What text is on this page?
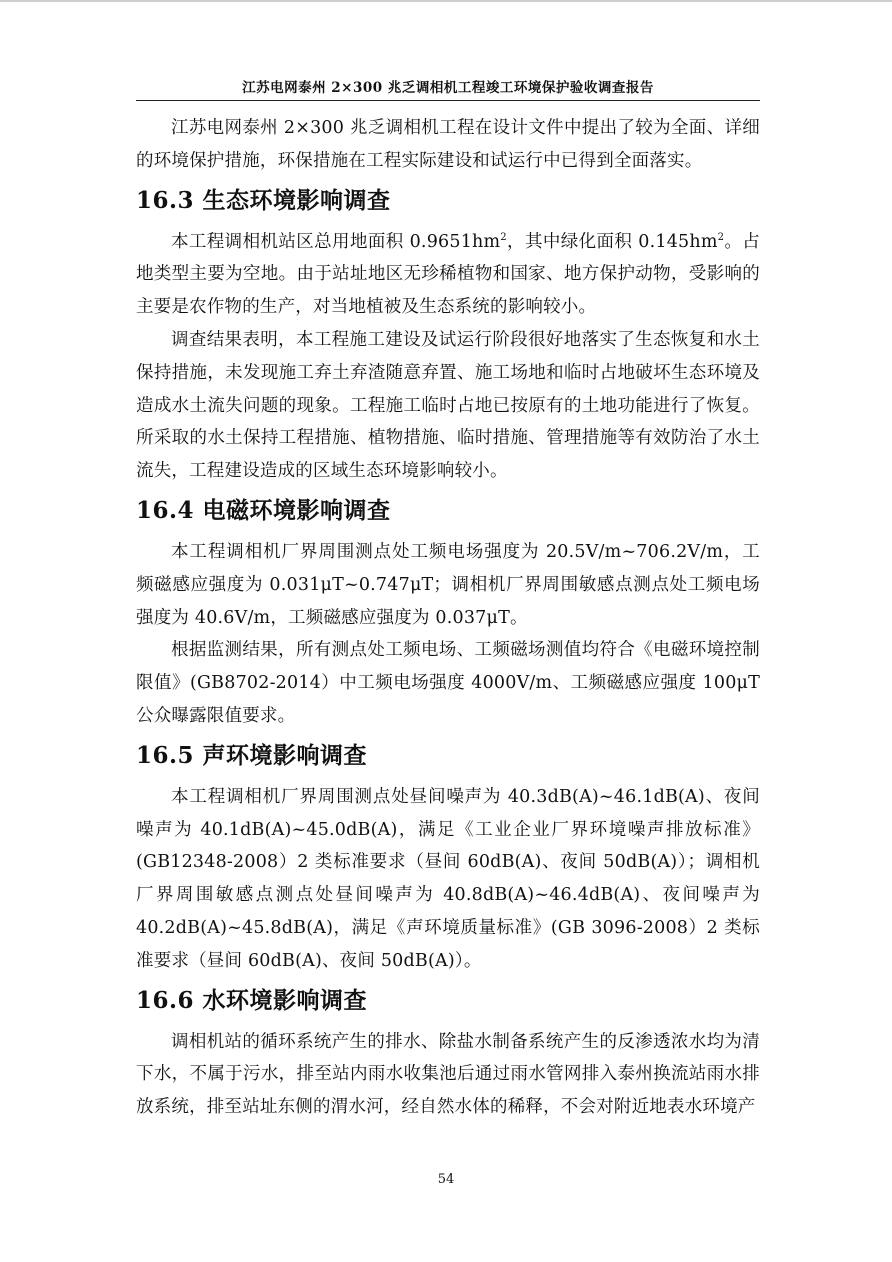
江苏电网泰州 2×300 兆乏调相机工程竣工环境保护验收调查报告

江苏电网泰州 2×300 兆乏调相机工程在设计文件中提出了较为全面、详细的环境保护措施，环保措施在工程实际建设和试运行中已得到全面落实。

16.3 生态环境影响调查

本工程调相机站区总用地面积 $0.9651hm^2$，其中绿化面积 $0.145hm^2$。占地类型主要为空地。由于站址地区无珍稀植物和国家、地方保护动物，受影响的主要是农作物的生产，对当地植被及生态系统的影响较小。

调查结果表明，本工程施工建设及试运行阶段很好地落实了生态恢复和水土保持措施，未发现施工弃土弃渣随意弃置、施工场地和临时占地破坏生态环境及造成水土流失问题的现象。工程施工临时占地已按原有的土地功能进行了恢复。所采取的水土保持工程措施、植物措施、临时措施、管理措施等有效防治了水土流失，工程建设造成的区域生态环境影响较小。

16.4 电磁环境影响调查

本工程调相机厂界周围测点处工频电场强度为 20.5V/m~706.2V/m，工频磁感应强度为 0.031μT~0.747μT；调相机厂界周围敏感点测点处工频电场强度为 40.6V/m，工频磁感应强度为 0.037μT。

根据监测结果，所有测点处工频电场、工频磁场测值均符合《电磁环境控制限值》(GB8702-2014）中工频电场强度 4000V/m、工频磁感应强度 100μT 公众曝露限值要求。

16.5 声环境影响调查

本工程调相机厂界周围测点处昼间噪声为 40.3dB(A)~46.1dB(A)、夜间噪声为 40.1dB(A)~45.0dB(A)，满足《工业企业厂界环境噪声排放标准》(GB12348-2008）2 类标准要求（昼间 60dB(A)、夜间 50dB(A)）；调相机厂界周围敏感点测点处昼间噪声为 40.8dB(A)~46.4dB(A)、夜间噪声为 40.2dB(A)~45.8dB(A)，满足《声环境质量标准》(GB 3096-2008）2 类标准要求（昼间 60dB(A)、夜间 50dB(A)）。

16.6 水环境影响调查

调相机站的循环系统产生的排水、除盐水制备系统产生的反渗透浓水均为清下水，不属于污水，排至站内雨水收集池后通过雨水管网排入泰州换流站雨水排放系统，排至站址东侧的渭水河，经自然水体的稀释，不会对附近地表水环境产

54
